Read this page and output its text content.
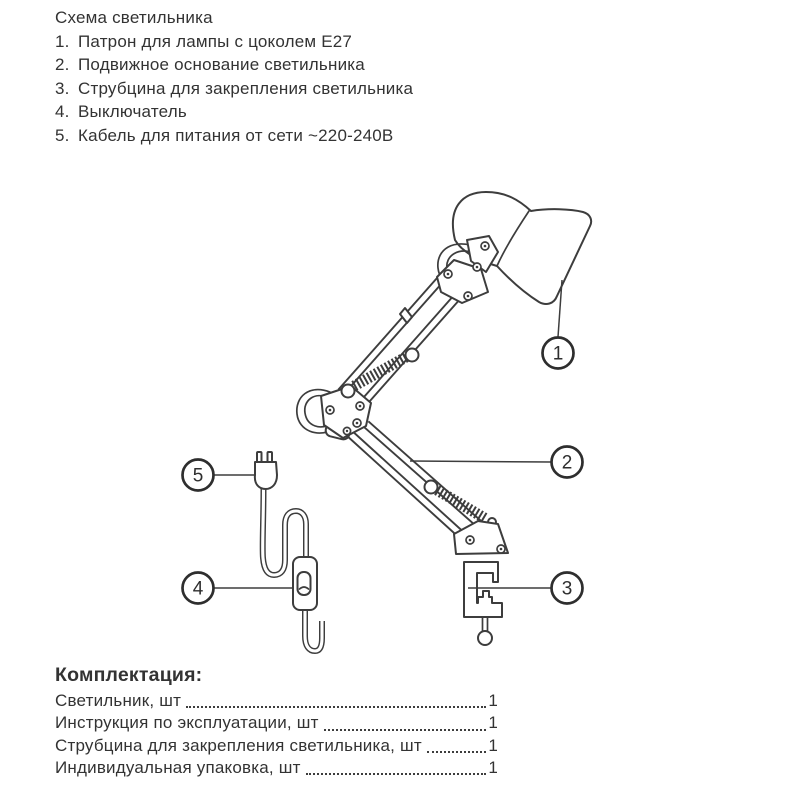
Схема светильника
1. Патрон для лампы с цоколем E27
2. Подвижное основание светильника
3. Струбцина для закрепления светильника
4. Выключатель
5. Кабель для питания от сети ~220-240В
1
2
3
4
5
Комплектация:
Светильник, шт	1
Инструкция по эксплуатации, шт	1
Струбцина для закрепления светильника, шт	1
Индивидуальная упаковка, шт	1
